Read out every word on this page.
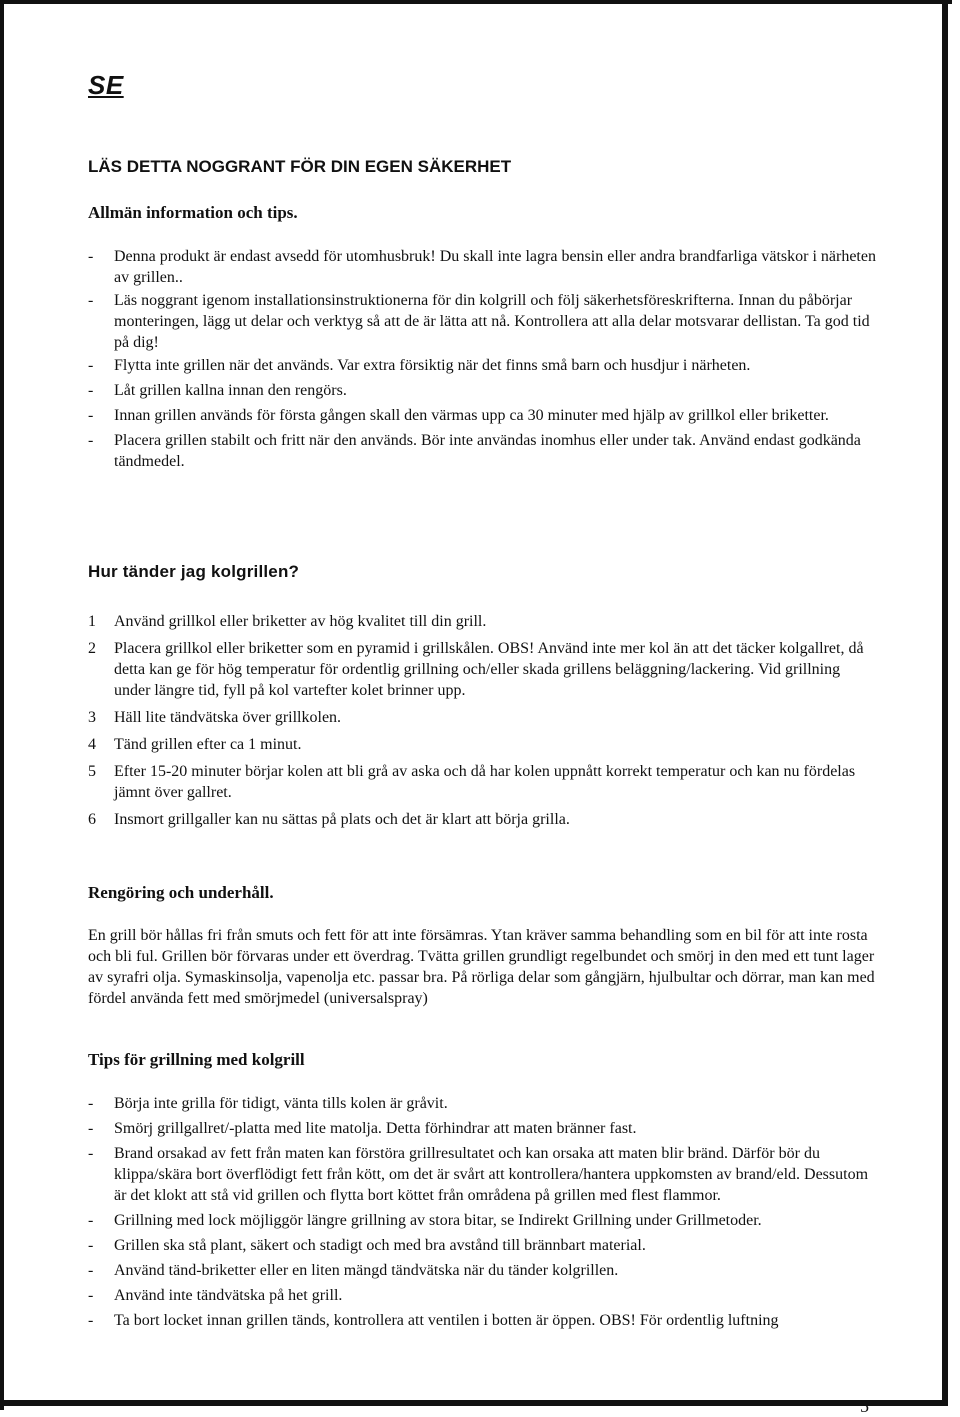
SE
LÄS DETTA NOGGRANT FÖR DIN EGEN SÄKERHET
Allmän information och tips.
- Denna produkt är endast avsedd för utomhusbruk! Du skall inte lagra bensin eller andra brandfarliga vätskor i närheten av grillen..
- Läs noggrant igenom installationsinstruktionerna för din kolgrill och följ säkerhetsföreskrifterna. Innan du påbörjar monteringen, lägg ut delar och verktyg så att de är lätta att nå. Kontrollera att alla delar motsvarar dellistan. Ta god tid på dig!
- Flytta inte grillen när det används. Var extra försiktig när det finns små barn och husdjur i närheten.
- Låt grillen kallna innan den rengörs.
- Innan grillen används för första gången skall den värmas upp ca 30 minuter med hjälp av grillkol eller briketter.
- Placera grillen stabilt och fritt när den används. Bör inte användas inomhus eller under tak. Använd endast godkända tändmedel.
Hur tänder jag kolgrillen?
1 Använd grillkol eller briketter av hög kvalitet till din grill.
2 Placera grillkol eller briketter som en pyramid i grillskålen. OBS! Använd inte mer kol än att det täcker kolgallret, då detta kan ge för hög temperatur för ordentlig grillning och/eller skada grillens beläggning/lackering. Vid grillning under längre tid, fyll på kol vartefter kolet brinner upp.
3 Häll lite tändvätska över grillkolen.
4 Tänd grillen efter ca 1 minut.
5 Efter 15-20 minuter börjar kolen att bli grå av aska och då har kolen uppnått korrekt temperatur och kan nu fördelas jämnt över gallret.
6 Insmort grillgaller kan nu sättas på plats och det är klart att börja grilla.
Rengöring och underhåll.

En grill bör hållas fri från smuts och fett för att inte försämras. Ytan kräver samma behandling som en bil för att inte rosta och bli ful. Grillen bör förvaras under ett överdrag. Tvätta grillen grundligt regelbundet och smörj in den med ett tunt lager av syrafri olja. Symaskinsolja, vapenolja etc. passar bra. På rörliga delar som gångjärn, hjulbultar och dörrar, man kan med fördel använda fett med smörjmedel (universalspray)

Tips för grillning med kolgrill
- Börja inte grilla för tidigt, vänta tills kolen är gråvit.
- Smörj grillgallret/-platta med lite matolja. Detta förhindrar att maten bränner fast.
- Brand orsakad av fett från maten kan förstöra grillresultatet och kan orsaka att maten blir bränd. Därför bör du klippa/skära bort överflödigt fett från kött, om det är svårt att kontrollera/hantera uppkomsten av brand/eld. Dessutom är det klokt att stå vid grillen och flytta bort köttet från områdena på grillen med flest flammor.
- Grillning med lock möjliggör längre grillning av stora bitar, se Indirekt Grillning under Grillmetoder.
- Grillen ska stå plant, säkert och stadigt och med bra avstånd till brännbart material.
- Använd tänd-briketter eller en liten mängd tändvätska när du tänder kolgrillen.
- Använd inte tändvätska på het grill.
- Ta bort locket innan grillen tänds, kontrollera att ventilen i botten är öppen. OBS! För ordentlig luftning
5
